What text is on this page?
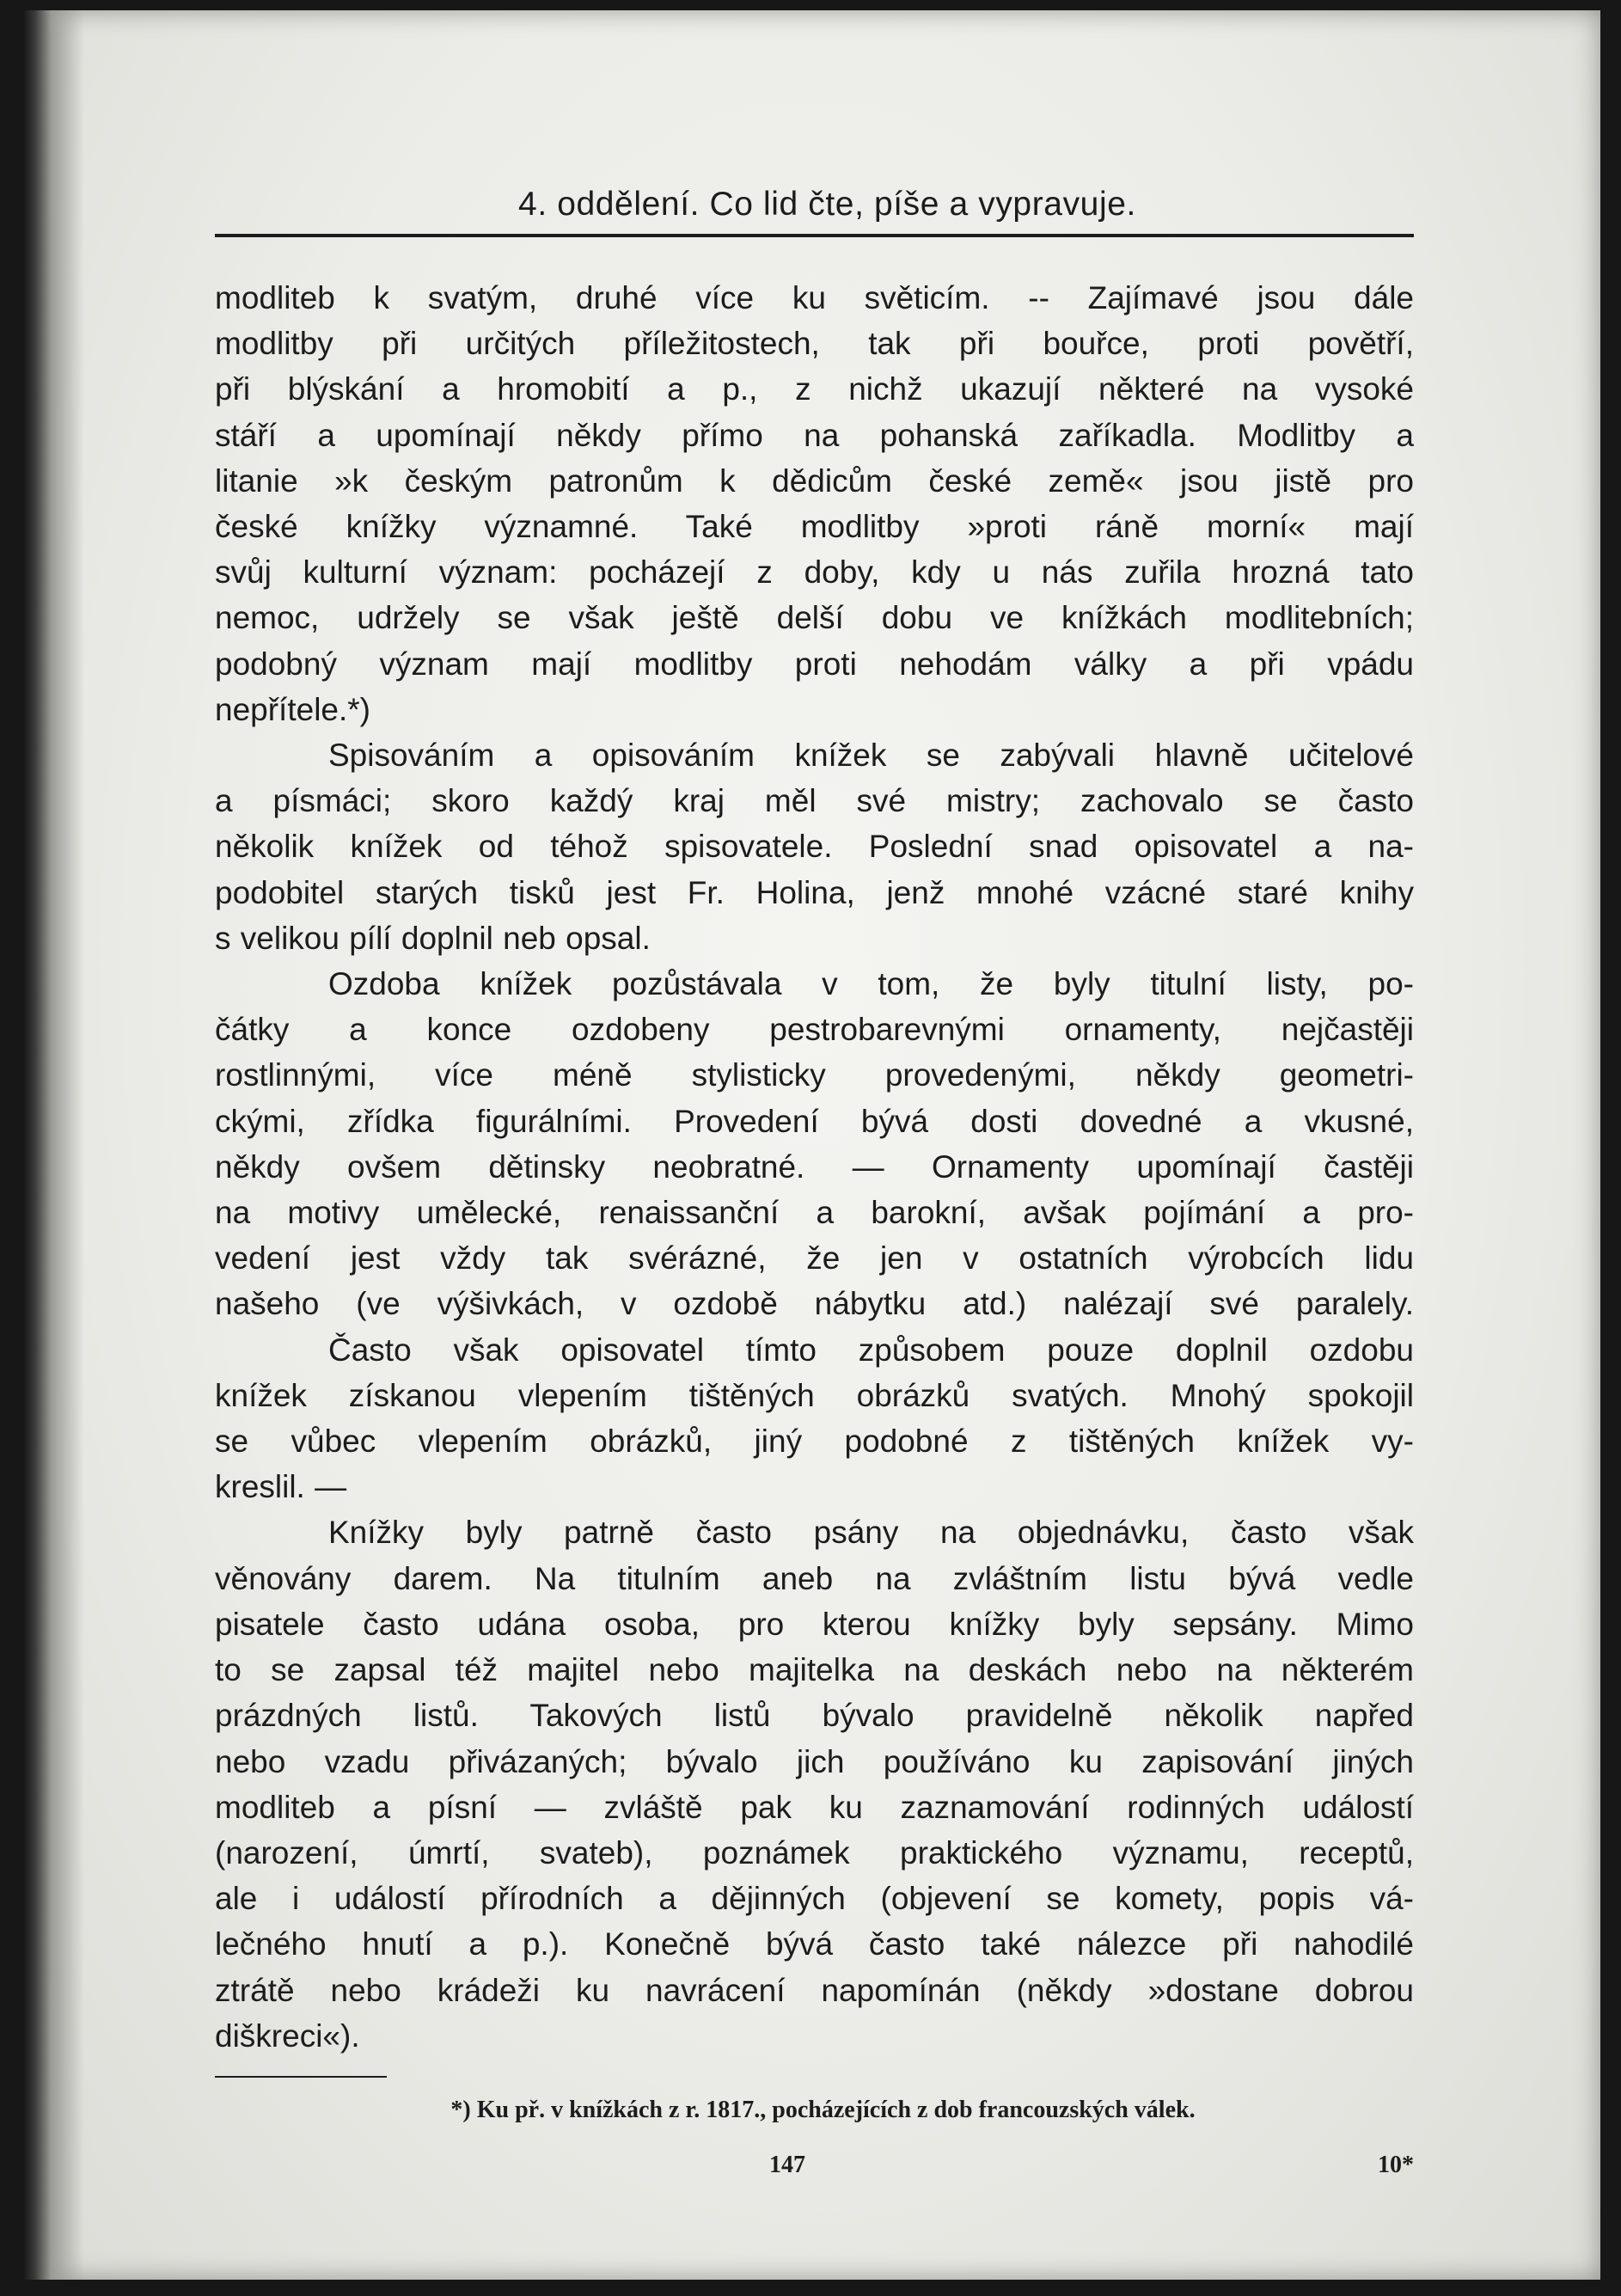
4. oddělení. Co lid čte, píše a vypravuje.
modliteb k svatým, druhé více ku světicím. -- Zajímavé jsou dále
modlitby při určitých příležitostech, tak při bouřce, proti povětří,
při blýskání a hromobití a p., z nichž ukazují některé na vysoké
stáří a upomínají někdy přímo na pohanská zaříkadla. Modlitby a
litanie »k českým patronům k dědicům české země« jsou jistě pro
české knížky významné. Také modlitby »proti ráně morní« mají
svůj kulturní význam: pocházejí z doby, kdy u nás zuřila hrozná tato
nemoc, udržely se však ještě delší dobu ve knížkách modlitebních;
podobný význam mají modlitby proti nehodám války a při vpádu
nepřítele.*)
Spisováním a opisováním knížek se zabývali hlavně učitelové
a písmáci; skoro každý kraj měl své mistry; zachovalo se často
několik knížek od téhož spisovatele. Poslední snad opisovatel a na-
podobitel starých tisků jest Fr. Holina, jenž mnohé vzácné staré knihy
s velikou pílí doplnil neb opsal.
Ozdoba knížek pozůstávala v tom, že byly titulní listy, po-
čátky a konce ozdobeny pestrobarevnými ornamenty, nejčastěji
rostlinnými, více méně stylisticky provedenými, někdy geometri-
ckými, zřídka figurálními. Provedení bývá dosti dovedné a vkusné,
někdy ovšem dětinsky neobratné. — Ornamenty upomínají častěji
na motivy umělecké, renaissanční a barokní, avšak pojímání a pro-
vedení jest vždy tak svérázné, že jen v ostatních výrobcích lidu
našeho (ve výšivkách, v ozdobě nábytku atd.) nalézají své paralely.
Často však opisovatel tímto způsobem pouze doplnil ozdobu
knížek získanou vlepením tištěných obrázků svatých. Mnohý spokojil
se vůbec vlepením obrázků, jiný podobné z tištěných knížek vy-
kreslil. —
Knížky byly patrně často psány na objednávku, často však
věnovány darem. Na titulním aneb na zvláštním listu bývá vedle
pisatele často udána osoba, pro kterou knížky byly sepsány. Mimo
to se zapsal též majitel nebo majitelka na deskách nebo na některém
prázdných listů. Takových listů bývalo pravidelně několik napřed
nebo vzadu přivázaných; bývalo jich používáno ku zapisování jiných
modliteb a písní — zvláště pak ku zaznamování rodinných událostí
(narození, úmrtí, svateb), poznámek praktického významu, receptů,
ale i událostí přírodních a dějinných (objevení se komety, popis vá-
lečného hnutí a p.). Konečně bývá často také nálezce při nahodilé
ztrátě nebo krádeži ku navrácení napomínán (někdy »dostane dobrou
diškreci«).
*) Ku př. v knížkách z r. 1817., pocházejících z dob francouzských válek.
147	10*
